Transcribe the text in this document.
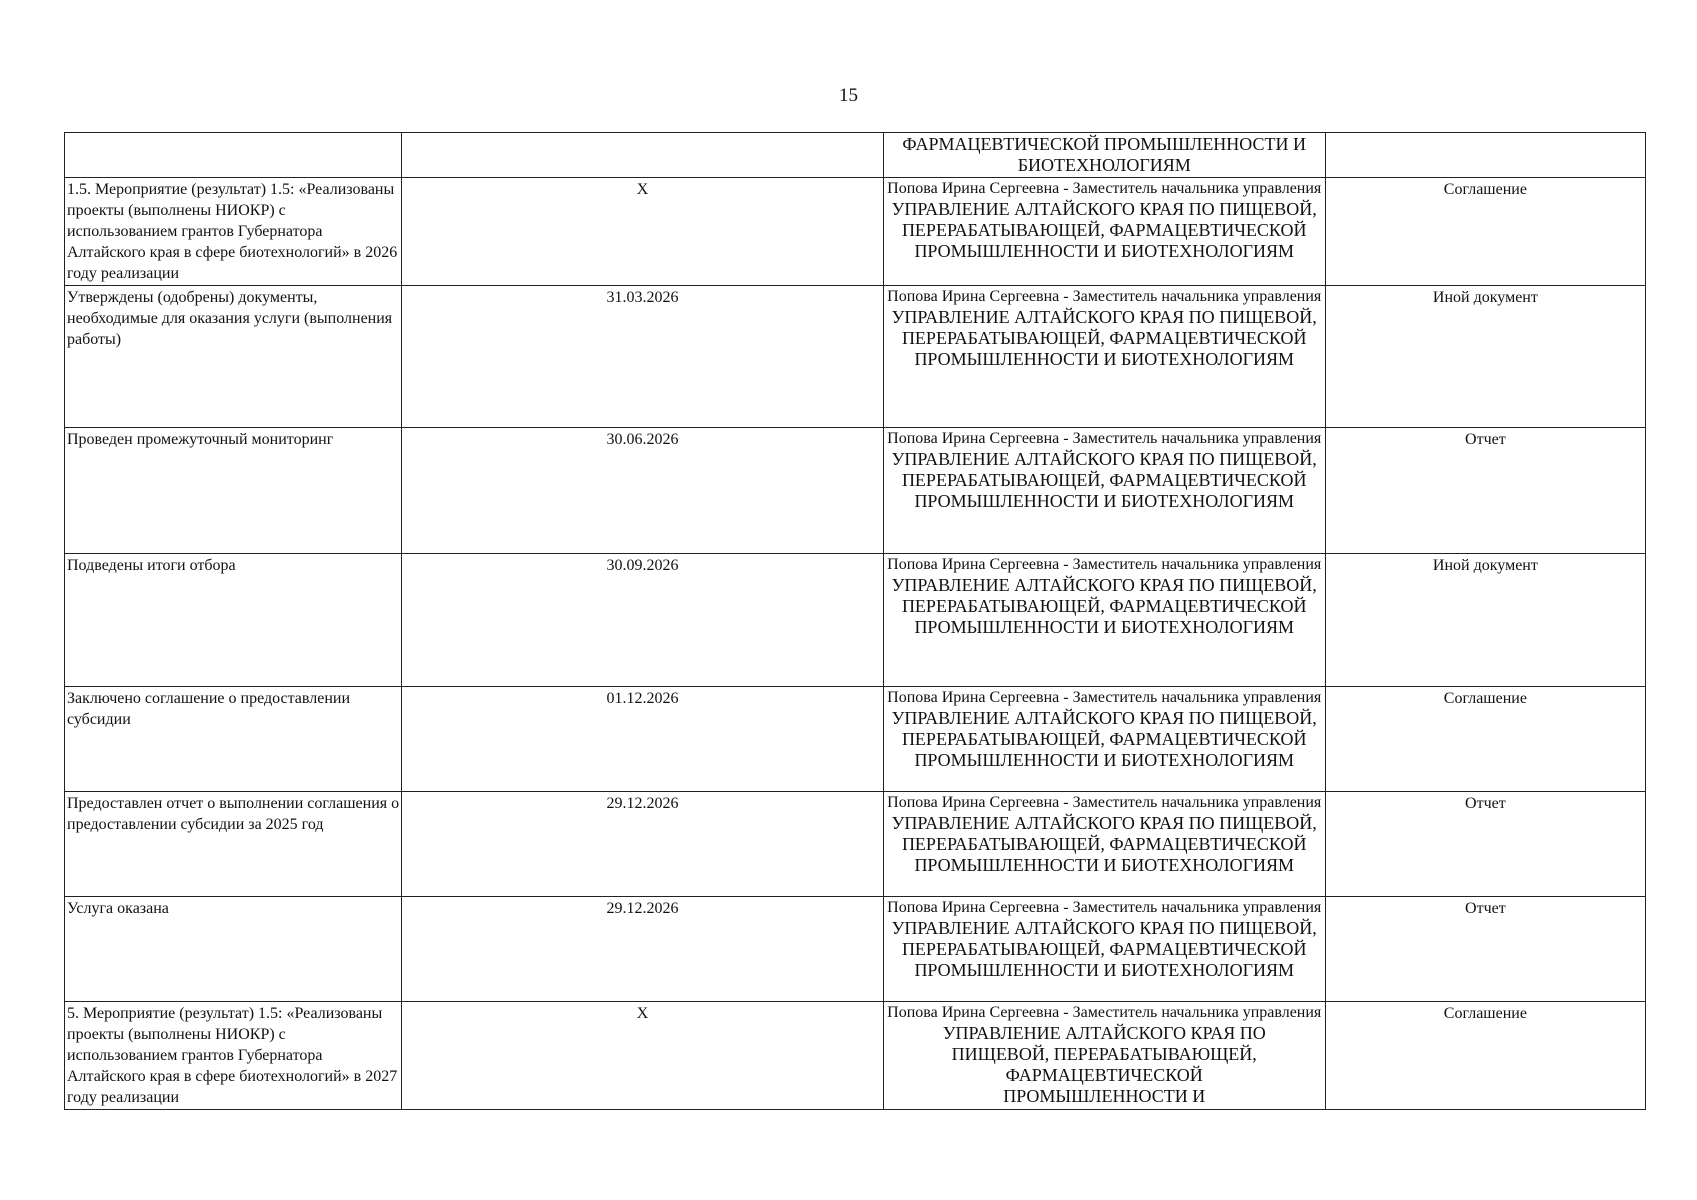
15

		ФАРМАЦЕВТИЧЕСКОЙ ПРОМЫШЛЕННОСТИ И БИОТЕХНОЛОГИЯМ	

1.5. Мероприятие (результат) 1.5: «Реализованы проекты (выполнены НИОКР) с использованием грантов Губернатора Алтайского края в сфере биотехнологий» в 2026 году реализации	X	Попова Ирина Сергеевна - Заместитель начальника управления
УПРАВЛЕНИЕ АЛТАЙСКОГО КРАЯ ПО ПИЩЕВОЙ, ПЕРЕРАБАТЫВАЮЩЕЙ, ФАРМАЦЕВТИЧЕСКОЙ ПРОМЫШЛЕННОСТИ И БИОТЕХНОЛОГИЯМ	Соглашение
Утверждены (одобрены) документы, необходимые для оказания услуги (выполнения работы)	31.03.2026	Попова Ирина Сергеевна - Заместитель начальника управления
УПРАВЛЕНИЕ АЛТАЙСКОГО КРАЯ ПО ПИЩЕВОЙ, ПЕРЕРАБАТЫВАЮЩЕЙ, ФАРМАЦЕВТИЧЕСКОЙ ПРОМЫШЛЕННОСТИ И БИОТЕХНОЛОГИЯМ	Иной документ
Проведен промежуточный мониторинг	30.06.2026	Попова Ирина Сергеевна - Заместитель начальника управления
УПРАВЛЕНИЕ АЛТАЙСКОГО КРАЯ ПО ПИЩЕВОЙ, ПЕРЕРАБАТЫВАЮЩЕЙ, ФАРМАЦЕВТИЧЕСКОЙ ПРОМЫШЛЕННОСТИ И БИОТЕХНОЛОГИЯМ	Отчет
Подведены итоги отбора	30.09.2026	Попова Ирина Сергеевна - Заместитель начальника управления
УПРАВЛЕНИЕ АЛТАЙСКОГО КРАЯ ПО ПИЩЕВОЙ, ПЕРЕРАБАТЫВАЮЩЕЙ, ФАРМАЦЕВТИЧЕСКОЙ ПРОМЫШЛЕННОСТИ И БИОТЕХНОЛОГИЯМ	Иной документ
Заключено соглашение о предоставлении субсидии	01.12.2026	Попова Ирина Сергеевна - Заместитель начальника управления
УПРАВЛЕНИЕ АЛТАЙСКОГО КРАЯ ПО ПИЩЕВОЙ, ПЕРЕРАБАТЫВАЮЩЕЙ, ФАРМАЦЕВТИЧЕСКОЙ ПРОМЫШЛЕННОСТИ И БИОТЕХНОЛОГИЯМ	Соглашение
Предоставлен отчет о выполнении соглашения о предоставлении субсидии за 2025 год	29.12.2026	Попова Ирина Сергеевна - Заместитель начальника управления
УПРАВЛЕНИЕ АЛТАЙСКОГО КРАЯ ПО ПИЩЕВОЙ, ПЕРЕРАБАТЫВАЮЩЕЙ, ФАРМАЦЕВТИЧЕСКОЙ ПРОМЫШЛЕННОСТИ И БИОТЕХНОЛОГИЯМ	Отчет
Услуга оказана	29.12.2026	Попова Ирина Сергеевна - Заместитель начальника управления
УПРАВЛЕНИЕ АЛТАЙСКОГО КРАЯ ПО ПИЩЕВОЙ, ПЕРЕРАБАТЫВАЮЩЕЙ, ФАРМАЦЕВТИЧЕСКОЙ ПРОМЫШЛЕННОСТИ И БИОТЕХНОЛОГИЯМ	Отчет
5. Мероприятие (результат) 1.5: «Реализованы проекты (выполнены НИОКР) с использованием грантов Губернатора Алтайского края в сфере биотехнологий» в 2027 году реализации	X	Попова Ирина Сергеевна - Заместитель начальника управления
УПРАВЛЕНИЕ АЛТАЙСКОГО КРАЯ ПО ПИЩЕВОЙ, ПЕРЕРАБАТЫВАЮЩЕЙ, ФАРМАЦЕВТИЧЕСКОЙ ПРОМЫШЛЕННОСТИ И	Соглашение
